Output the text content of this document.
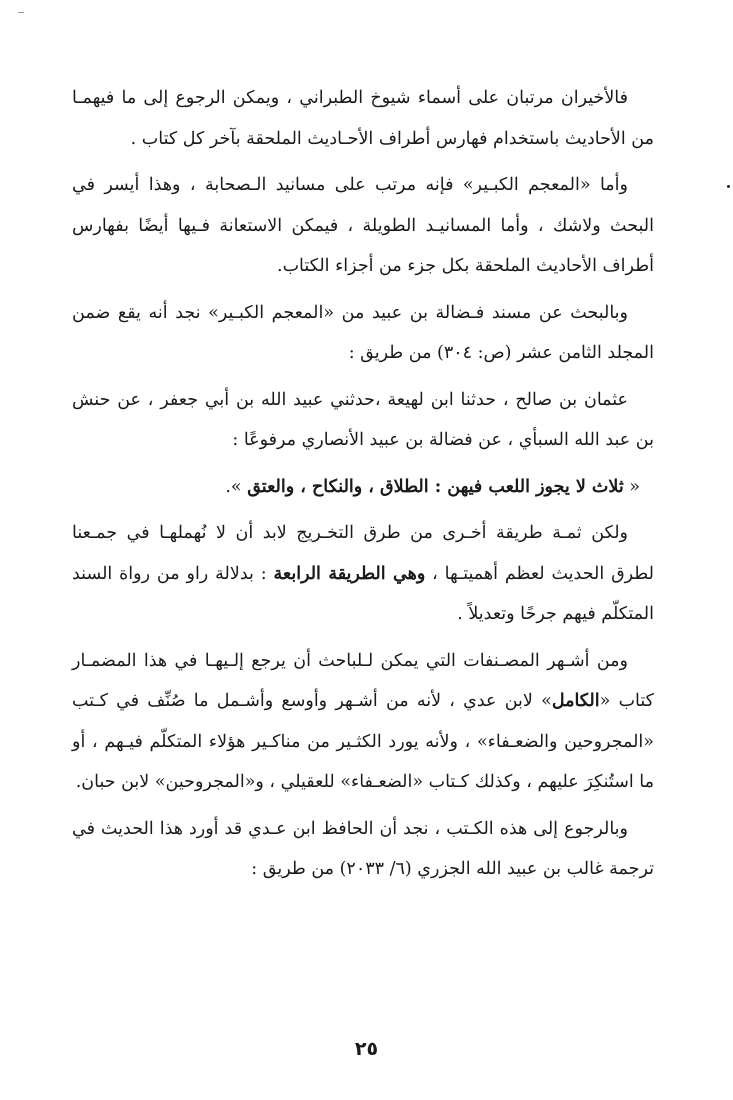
فالأخيران مرتبان على أسماء شيوخ الطبراني ، ويمكن الرجوع إلى ما فيهمـا من الأحاديث باستخدام فهارس أطراف الأحـاديث الملحقة بآخر كل كتاب .

وأما «المعجم الكبـير» فإنه مرتب على مسانيد الـصحابة ، وهذا أيسر في البحث ولاشك ، وأما المسانيـد الطويلة ، فيمكن الاستعانة فـيها أيضًا بفهارس أطراف الأحاديث الملحقة بكل جزء من أجزاء الكتاب.

وبالبحث عن مسند فـضالة بن عبيد من «المعجم الكبـير» نجد أنه يقع ضمن المجلد الثامن عشر (ص: ٣٠٤) من طريق :

عثمان بن صالح ، حدثنا ابن لهيعة ،حدثني عبيد الله بن أبي جعفر ، عن حنش بن عبد الله السبأي ، عن فضالة بن عبيد الأنصاري مرفوعًا :

« ثلاث لا يجوز اللعب فيهن : الطلاق ، والنكاح ، والعتق ».

ولكن ثمـة طريقة أخـرى من طرق التخـريج لابد أن لا نُهملهـا في جمـعنا لطرق الحديث لعظم أهميتـها ، وهي الطريقة الرابعة : بدلالة راو من رواة السند المتكلّم فيهم جرحًا وتعديلاً .

ومن أشـهر المصـنفات التي يمكن لـلباحث أن يرجع إلـيهـا في هذا المضمـار كتاب «الكامل» لابن عدي ، لأنه من أشـهر وأوسع وأشـمل ما صُنِّف في كـتب «المجروحين والضعـفاء» ، ولأنه يورد الكثـير من مناكـير هؤلاء المتكلّم فيـهم ، أو ما استُنكِرَ عليهم ، وكذلك كـتاب «الضعـفاء» للعقيلي ، و«المجروحين» لابن حبان.

وبالرجوع إلى هذه الكـتب ، نجد أن الحافظ ابن عـدي قد أورد هذا الحديث في ترجمة غالب بن عبيد الله الجزري (٦/ ٢٠٣٣) من طريق :

٢٥
